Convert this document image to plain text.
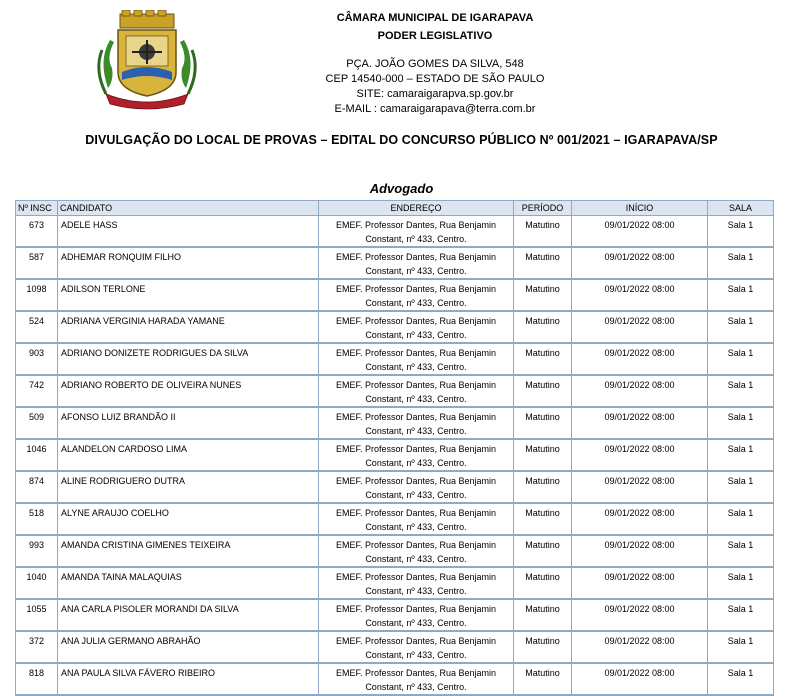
CÂMARA MUNICIPAL DE IGARAPAVA
PODER LEGISLATIVO
PÇA. JOÃO GOMES DA SILVA, 548
CEP 14540-000 – ESTADO DE SÃO PAULO
SITE: camaraigarapva.sp.gov.br
E-MAIL : camaraigarapava@terra.com.br
DIVULGAÇÃO DO LOCAL DE PROVAS – EDITAL DO CONCURSO PÚBLICO Nº 001/2021 – IGARAPAVA/SP
Advogado
Nº INSC	CANDIDATO	ENDEREÇO	PERÍODO	INÍCIO	SALA
673	ADELE HASS	EMEF. Professor Dantes, Rua Benjamin
Constant, nº 433, Centro.	Matutino	09/01/2022 08:00	Sala 1
587	ADHEMAR RONQUIM FILHO	EMEF. Professor Dantes, Rua Benjamin
Constant, nº 433, Centro.	Matutino	09/01/2022 08:00	Sala 1
1098	ADILSON TERLONE	EMEF. Professor Dantes, Rua Benjamin
Constant, nº 433, Centro.	Matutino	09/01/2022 08:00	Sala 1
524	ADRIANA VERGINIA HARADA YAMANE	EMEF. Professor Dantes, Rua Benjamin
Constant, nº 433, Centro.	Matutino	09/01/2022 08:00	Sala 1
903	ADRIANO DONIZETE RODRIGUES DA SILVA	EMEF. Professor Dantes, Rua Benjamin
Constant, nº 433, Centro.	Matutino	09/01/2022 08:00	Sala 1
742	ADRIANO ROBERTO DE OLIVEIRA NUNES	EMEF. Professor Dantes, Rua Benjamin
Constant, nº 433, Centro.	Matutino	09/01/2022 08:00	Sala 1
509	AFONSO LUIZ BRANDÃO II	EMEF. Professor Dantes, Rua Benjamin
Constant, nº 433, Centro.	Matutino	09/01/2022 08:00	Sala 1
1046	ALANDELON CARDOSO LIMA	EMEF. Professor Dantes, Rua Benjamin
Constant, nº 433, Centro.	Matutino	09/01/2022 08:00	Sala 1
874	ALINE RODRIGUERO DUTRA	EMEF. Professor Dantes, Rua Benjamin
Constant, nº 433, Centro.	Matutino	09/01/2022 08:00	Sala 1
518	ALYNE ARAUJO COELHO	EMEF. Professor Dantes, Rua Benjamin
Constant, nº 433, Centro.	Matutino	09/01/2022 08:00	Sala 1
993	AMANDA CRISTINA GIMENES TEIXEIRA	EMEF. Professor Dantes, Rua Benjamin
Constant, nº 433, Centro.	Matutino	09/01/2022 08:00	Sala 1
1040	AMANDA TAINA MALAQUIAS	EMEF. Professor Dantes, Rua Benjamin
Constant, nº 433, Centro.	Matutino	09/01/2022 08:00	Sala 1
1055	ANA CARLA PISOLER MORANDI DA SILVA	EMEF. Professor Dantes, Rua Benjamin
Constant, nº 433, Centro.	Matutino	09/01/2022 08:00	Sala 1
372	ANA JULIA GERMANO ABRAHÃO	EMEF. Professor Dantes, Rua Benjamin
Constant, nº 433, Centro.	Matutino	09/01/2022 08:00	Sala 1
818	ANA PAULA SILVA FÁVERO RIBEIRO	EMEF. Professor Dantes, Rua Benjamin
Constant, nº 433, Centro.	Matutino	09/01/2022 08:00	Sala 1
